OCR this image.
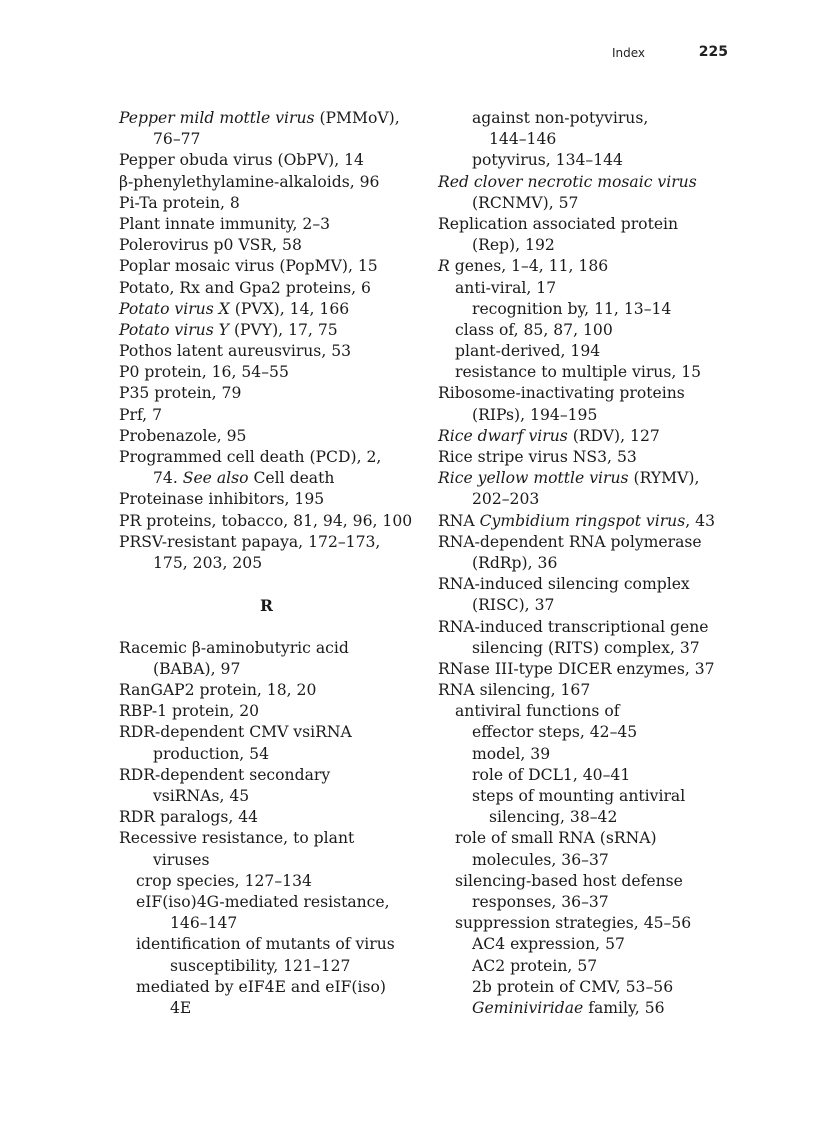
Index	225
Pepper mild mottle virus (PMMoV),
76–77
Pepper obuda virus (ObPV), 14
β-phenylethylamine-alkaloids, 96
Pi-Ta protein, 8
Plant innate immunity, 2–3
Polerovirus p0 VSR, 58
Poplar mosaic virus (PopMV), 15
Potato, Rx and Gpa2 proteins, 6
Potato virus X (PVX), 14, 166
Potato virus Y (PVY), 17, 75
Pothos latent aureusvirus, 53
P0 protein, 16, 54–55
P35 protein, 79
Prf, 7
Probenazole, 95
Programmed cell death (PCD), 2,
74. See also Cell death
Proteinase inhibitors, 195
PR proteins, tobacco, 81, 94, 96, 100
PRSV-resistant papaya, 172–173,
175, 203, 205
R
Racemic β-aminobutyric acid
(BABA), 97
RanGAP2 protein, 18, 20
RBP-1 protein, 20
RDR-dependent CMV vsiRNA
production, 54
RDR-dependent secondary
vsiRNAs, 45
RDR paralogs, 44
Recessive resistance, to plant
viruses
crop species, 127–134
eIF(iso)4G-mediated resistance,
146–147
identification of mutants of virus
susceptibility, 121–127
mediated by eIF4E and eIF(iso)
4E
against non-potyvirus,
144–146
potyvirus, 134–144
Red clover necrotic mosaic virus
(RCNMV), 57
Replication associated protein
(Rep), 192
R genes, 1–4, 11, 186
anti-viral, 17
recognition by, 11, 13–14
class of, 85, 87, 100
plant-derived, 194
resistance to multiple virus, 15
Ribosome-inactivating proteins
(RIPs), 194–195
Rice dwarf virus (RDV), 127
Rice stripe virus NS3, 53
Rice yellow mottle virus (RYMV),
202–203
RNA Cymbidium ringspot virus, 43
RNA-dependent RNA polymerase
(RdRp), 36
RNA-induced silencing complex
(RISC), 37
RNA-induced transcriptional gene
silencing (RITS) complex, 37
RNase III-type DICER enzymes, 37
RNA silencing, 167
antiviral functions of
effector steps, 42–45
model, 39
role of DCL1, 40–41
steps of mounting antiviral
silencing, 38–42
role of small RNA (sRNA)
molecules, 36–37
silencing-based host defense
responses, 36–37
suppression strategies, 45–56
AC4 expression, 57
AC2 protein, 57
2b protein of CMV, 53–56
Geminiviridae family, 56
